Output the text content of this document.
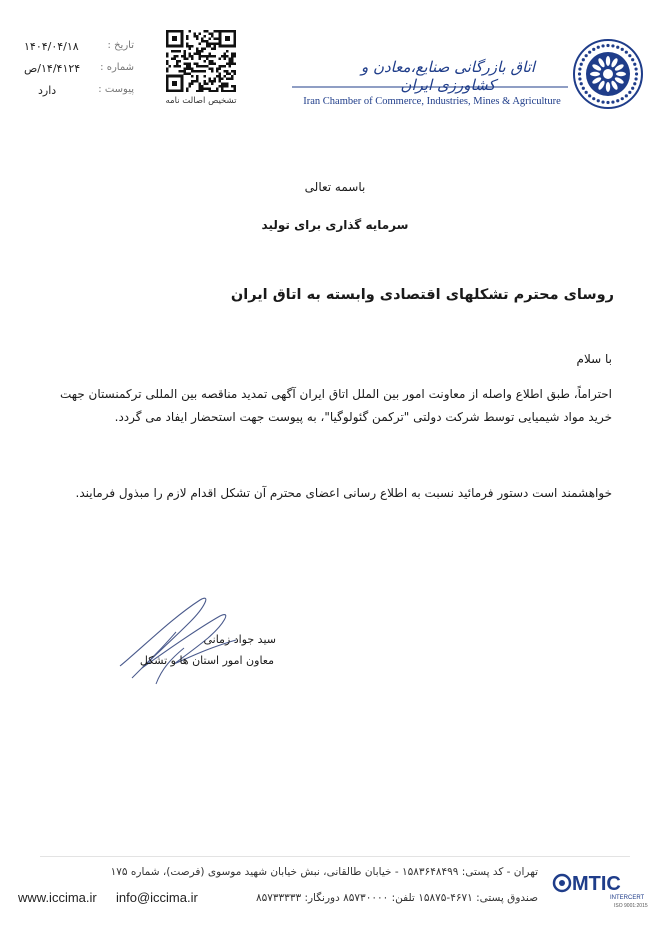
تاریخ :
۱۴۰۴/۰۴/۱۸
شماره :
۱۴/۴۱۲۴/ص
پیوست :
دارد
تشخیص اصالت نامه
اتاق بازرگانی صنایع،معادن و کشاورزی ایران
Iran Chamber of Commerce, Industries, Mines & Agriculture
باسمه تعالی
سرمایه گذاری برای تولید
روسای محترم تشکلهای اقتصادی وابسته به اتاق ایران
با سلام
احتراماً، طبق اطلاع واصله از معاونت امور بین الملل اتاق ایران آگهی تمدید مناقصه بین المللی ترکمنستان جهت خرید مواد شیمیایی توسط شرکت دولتی "ترکمن گئولوگیا"، به پیوست جهت استحضار ایفاد می گردد.
خواهشمند است دستور فرمائید نسبت به اطلاع رسانی اعضای محترم آن تشکل اقدام لازم را مبذول فرمایند.
سید جواد زمانی
معاون امور استان ها و تشکل
تهران - کد پستی: ۱۵۸۳۶۴۸۴۹۹ - خیابان طالقانی، نبش خیابان شهید موسوی (فرصت)، شماره ۱۷۵
صندوق پستی: ۴۶۷۱-۱۵۸۷۵ تلفن: ۸۵۷۳۰۰۰۰ دورنگار: ۸۵۷۳۳۳۳۳
www.iccima.ir info@iccima.ir
MTIC
INTERCERT
ISO 9001:2015
